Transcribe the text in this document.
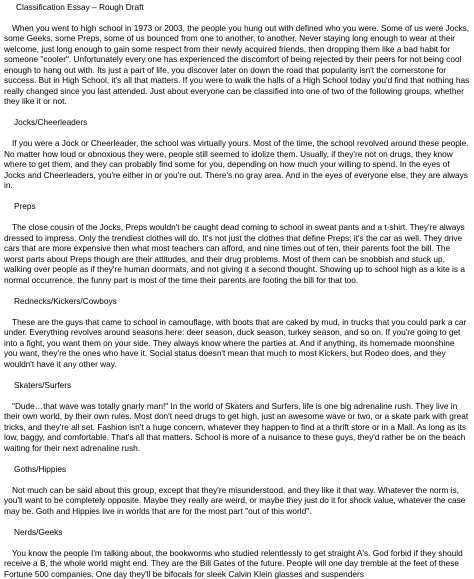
Classification Essay – Rough Draft

When you went to high school in 1973 or 2003, the people you hung out with defined who you were. Some of us were Jocks, some Geeks, some Preps, some of us bounced from one to another, to another. Never staying long enough to wear at their welcome, just long enough to gain some respect from their newly acquired friends, then dropping them like a bad habit for someone "cooler". Unfortunately every one has experienced the discomfort of being rejected by their peers for not being cool enough to hang out with. Its just a part of life, you discover later on down the road that popularity isn't the cornerstone for success. But in High School, it's all that matters. If you were to walk the halls of a High School today you'd find that nothing has really changed since you last attended. Just about everyone can be classified into one of two of the following groups, whether they like it or not.

Jocks/Cheerleaders

If you were a Jock or Cheerleader, the school was virtually yours. Most of the time, the school revolved around these people. No matter how loud or obnoxious they were, people still seemed to idolize them. Usually, if they're not on drugs, they know where to get them, and they can probably find some for you, depending on how much your willing to spend. In the eyes of Jocks and Cheerleaders, you're either in or you're out. There's no gray area. And in the eyes of everyone else, they are always in.

Preps

The close cousin of the Jocks, Preps wouldn't be caught dead coming to school in sweat pants and a t-shirt. They're always dressed to impress. Only the trendiest clothes will do. It's not just the clothes that define Preps; it's the car as well. They drive cars that are more expensive then what most teachers can afford, and nine times out of ten, their parents foot the bill. The worst parts about Preps though are their attitudes, and their drug problems. Most of them can be snobbish and stuck up, walking over people as if they're human doormats, and not giving it a second thought. Showing up to school high as a kite is a normal occurrence, the funny part is most of the time their parents are footing the bill for that too.

Rednecks/Kickers/Cowboys

These are the guys that came to school in camouflage, with boots that are caked by mud, in trucks that you could park a car under. Everything revolves around seasons here: deer season, duck season, turkey season, and so on. If you're going to get into a fight, you want them on your side. They always know where the parties at. And if anything, its homemade moonshine you want, they're the ones who have it. Social status doesn't mean that much to most Kickers, but Rodeo does, and they wouldn't have it any other way.

Skaters/Surfers

"Dude…that wave was totally gnarly man!" In the world of Skaters and Surfers, life is one big adrenaline rush. They live in their own world, by their own rules. Most don't need drugs to get high, just an awesome wave or two, or a skate park with great tricks, and they're all set. Fashion isn't a huge concern, whatever they happen to find at a thrift store or in a Mall. As long as its low, baggy, and comfortable. That's all that matters. School is more of a nuisance to these guys, they'd rather be on the beach waiting for their next adrenaline rush.

Goths/Hippies

Not much can be said about this group, except that they're misunderstood, and they like it that way. Whatever the norm is, you'll want to be completely opposite. Maybe they really are weird, or maybe they just do it for shock value, whatever the case may be. Goth and Hippies live in worlds that are for the most part "out of this world".

Nerds/Geeks

You know the people I'm talking about, the bookworms who studied relentlessly to get straight A's. God forbid if they should receive a B, the whole world might end. They are the Bill Gates of the future. People will one day tremble at the feet of these Fortune 500 companies. One day they'll be bifocals for sleek Calvin Klein glasses and suspenders
